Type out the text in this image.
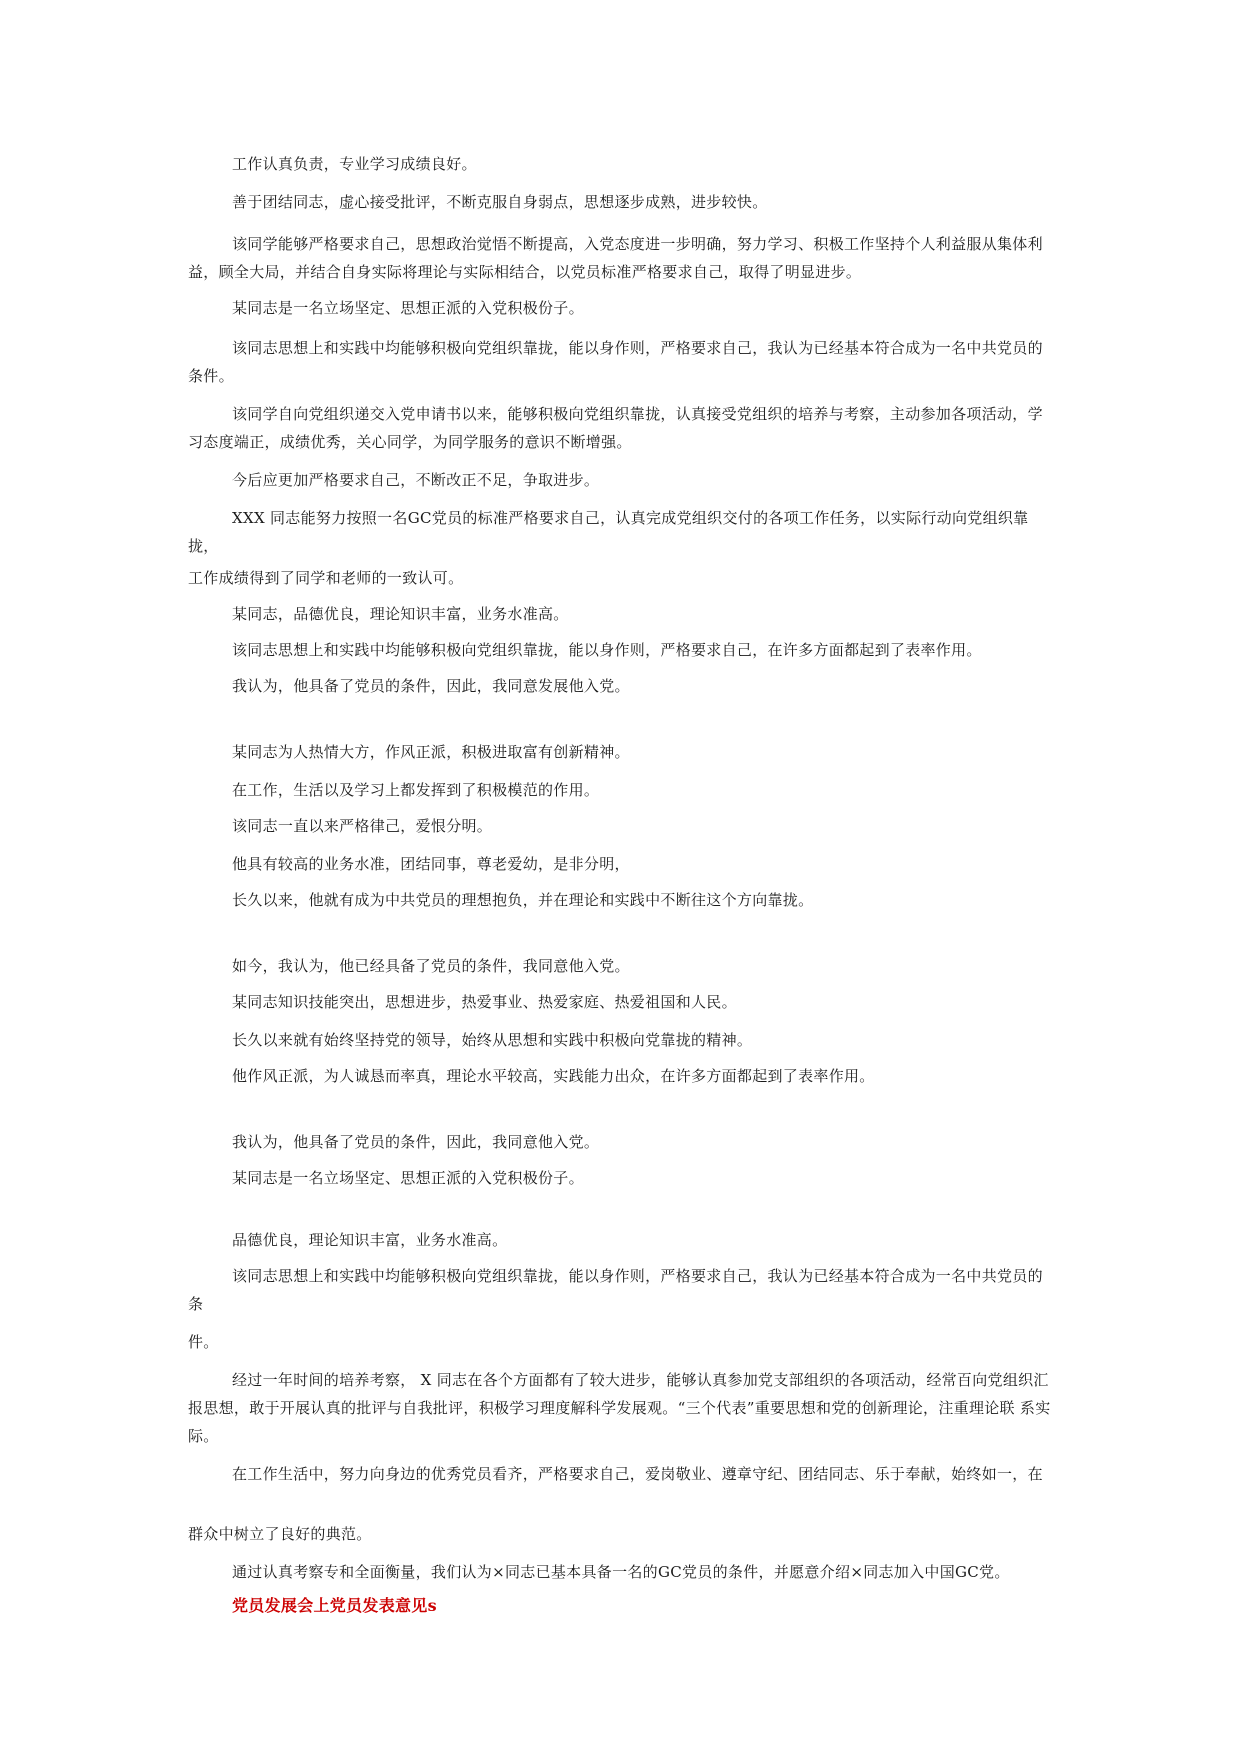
工作认真负责，专业学习成绩良好。
善于团结同志，虚心接受批评，不断克服自身弱点，思想逐步成熟，进步较快。
该同学能够严格要求自己，思想政治觉悟不断提高，入党态度进一步明确，努力学习、积极工作坚持个人利益服从集体利 益，顾全大局，并结合自身实际将理论与实际相结合，以党员标准严格要求自己，取得了明显进步。
某同志是一名立场坚定、思想正派的入党积极份子。
该同志思想上和实践中均能够积极向党组织靠拢，能以身作则，严格要求自己，我认为已经基本符合成为一名中共党员的条件。
该同学自向党组织递交入党申请书以来，能够积极向党组织靠拢，认真接受党组织的培养与考察，主动参加各项活动，学 习态度端正，成绩优秀，关心同学，为同学服务的意识不断增强。
今后应更加严格要求自己，不断改正不足，争取进步。
XXX 同志能努力按照一名GC党员的标准严格要求自己，认真完成党组织交付的各项工作任务，以实际行动向党组织靠拢，
工作成绩得到了同学和老师的一致认可。
某同志，品德优良，理论知识丰富，业务水准高。
该同志思想上和实践中均能够积极向党组织靠拢，能以身作则，严格要求自己，在许多方面都起到了表率作用。
我认为，他具备了党员的条件，因此，我同意发展他入党。
某同志为人热情大方，作风正派，积极进取富有创新精神。
在工作，生活以及学习上都发挥到了积极模范的作用。
该同志一直以来严格律己，爱恨分明。
他具有较高的业务水准，团结同事，尊老爱幼，是非分明，
长久以来，他就有成为中共党员的理想抱负，并在理论和实践中不断往这个方向靠拢。
如今，我认为，他已经具备了党员的条件，我同意他入党。
某同志知识技能突出，思想进步，热爱事业、热爱家庭、热爱祖国和人民。
长久以来就有始终坚持党的领导，始终从思想和实践中积极向党靠拢的精神。
他作风正派，为人诚恳而率真，理论水平较高，实践能力出众，在许多方面都起到了表率作用。
我认为，他具备了党员的条件，因此，我同意他入党。
某同志是一名立场坚定、思想正派的入党积极份子。
品德优良，理论知识丰富，业务水准高。
该同志思想上和实践中均能够积极向党组织靠拢，能以身作则，严格要求自己，我认为已经基本符合成为一名中共党员的条
件。
经过一年时间的培养考察， X 同志在各个方面都有了较大进步，能够认真参加党支部组织的各项活动，经常百向党组织汇 报思想，敢于开展认真的批评与自我批评，积极学习理度解科学发展观。“三个代表”重要思想和党的创新理论，注重理论联 系实际。
在工作生活中，努力向身边的优秀党员看齐，严格要求自己，爱岗敬业、遵章守纪、团结同志、乐于奉献，始终如一，在
群众中树立了良好的典范。
通过认真考察专和全面衡量，我们认为×同志已基本具备一名的GC党员的条件，并愿意介绍×同志加入中国GC党。
党员发展会上党员发表意见s
